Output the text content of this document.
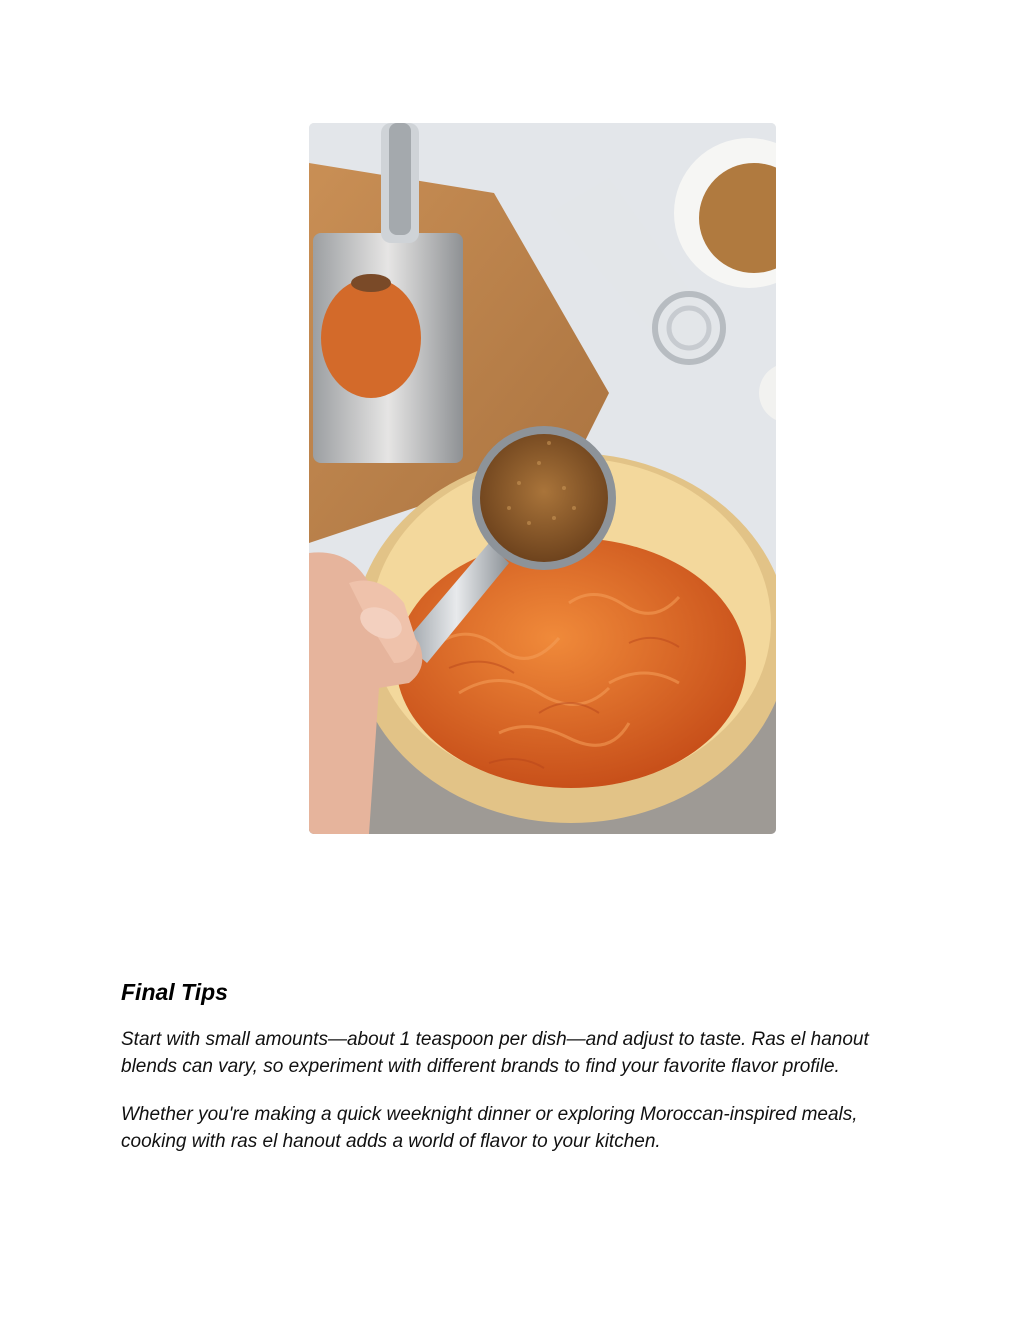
Final Tips

Start with small amounts—about 1 teaspoon per dish—and adjust to taste. Ras el hanout blends can vary, so experiment with different brands to find your favorite flavor profile.

Whether you're making a quick weeknight dinner or exploring Moroccan-inspired meals, cooking with ras el hanout adds a world of flavor to your kitchen.
